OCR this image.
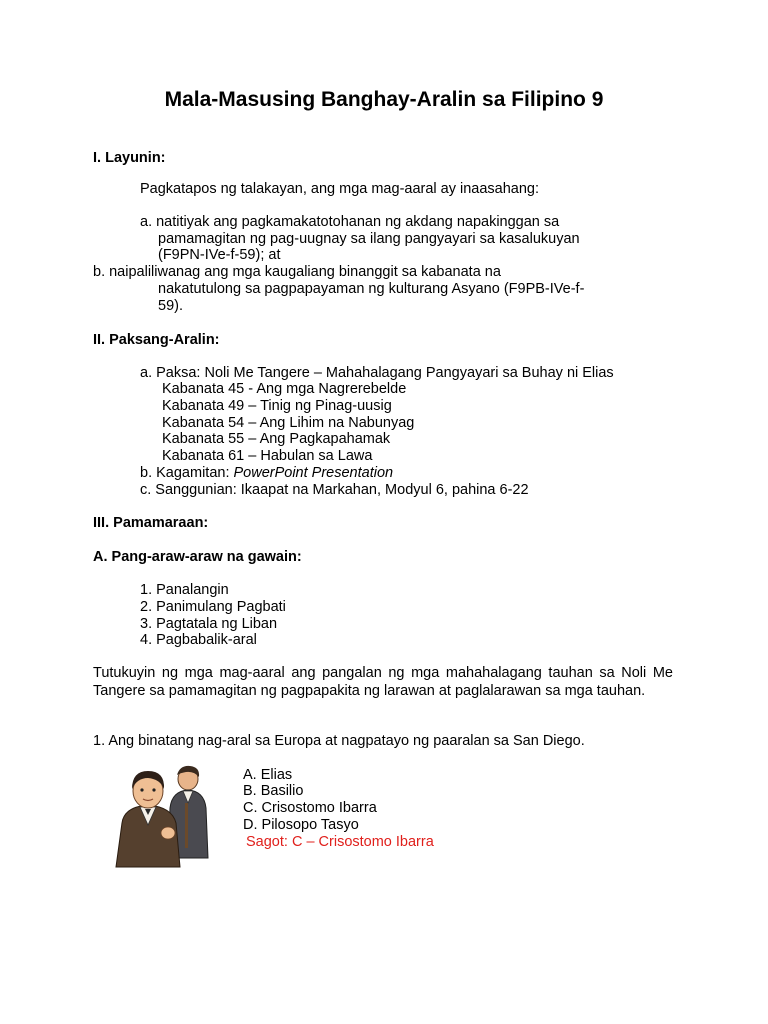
Mala-Masusing Banghay-Aralin sa Filipino 9
I. Layunin:
Pagkatapos ng talakayan, ang mga mag-aaral ay inaasahang:
a. natitiyak ang pagkamakatotohanan ng akdang napakinggan sa
pamamagitan ng pag-uugnay sa ilang pangyayari sa kasalukuyan
(F9PN-IVe-f-59); at
b. naipaliliwanag ang mga kaugaliang binanggit sa kabanata na
nakatutulong sa pagpapayaman ng kulturang Asyano (F9PB-IVe-f-
59).
II. Paksang-Aralin:
a. Paksa: Noli Me Tangere – Mahahalagang Pangyayari sa Buhay ni Elias
Kabanata 45 - Ang mga Nagrerebelde
Kabanata 49 – Tinig ng Pinag-uusig
Kabanata 54 – Ang Lihim na Nabunyag
Kabanata 55 – Ang Pagkapahamak
Kabanata 61 – Habulan sa Lawa
b. Kagamitan: PowerPoint Presentation
c. Sanggunian: Ikaapat na Markahan, Modyul 6, pahina 6-22
III. Pamamaraan:
A. Pang-araw-araw na gawain:
1. Panalangin
2. Panimulang Pagbati
3. Pagtatala ng Liban
4. Pagbabalik-aral
Tutukuyin ng mga mag-aaral ang pangalan ng mga mahahalagang tauhan sa Noli Me Tangere sa pamamagitan ng pagpapakita ng larawan at paglalarawan sa mga tauhan.
1. Ang binatang nag-aral sa Europa at nagpatayo ng paaralan sa San Diego.
A. Elias
B. Basilio
C. Crisostomo Ibarra
D. Pilosopo Tasyo
Sagot: C – Crisostomo Ibarra
